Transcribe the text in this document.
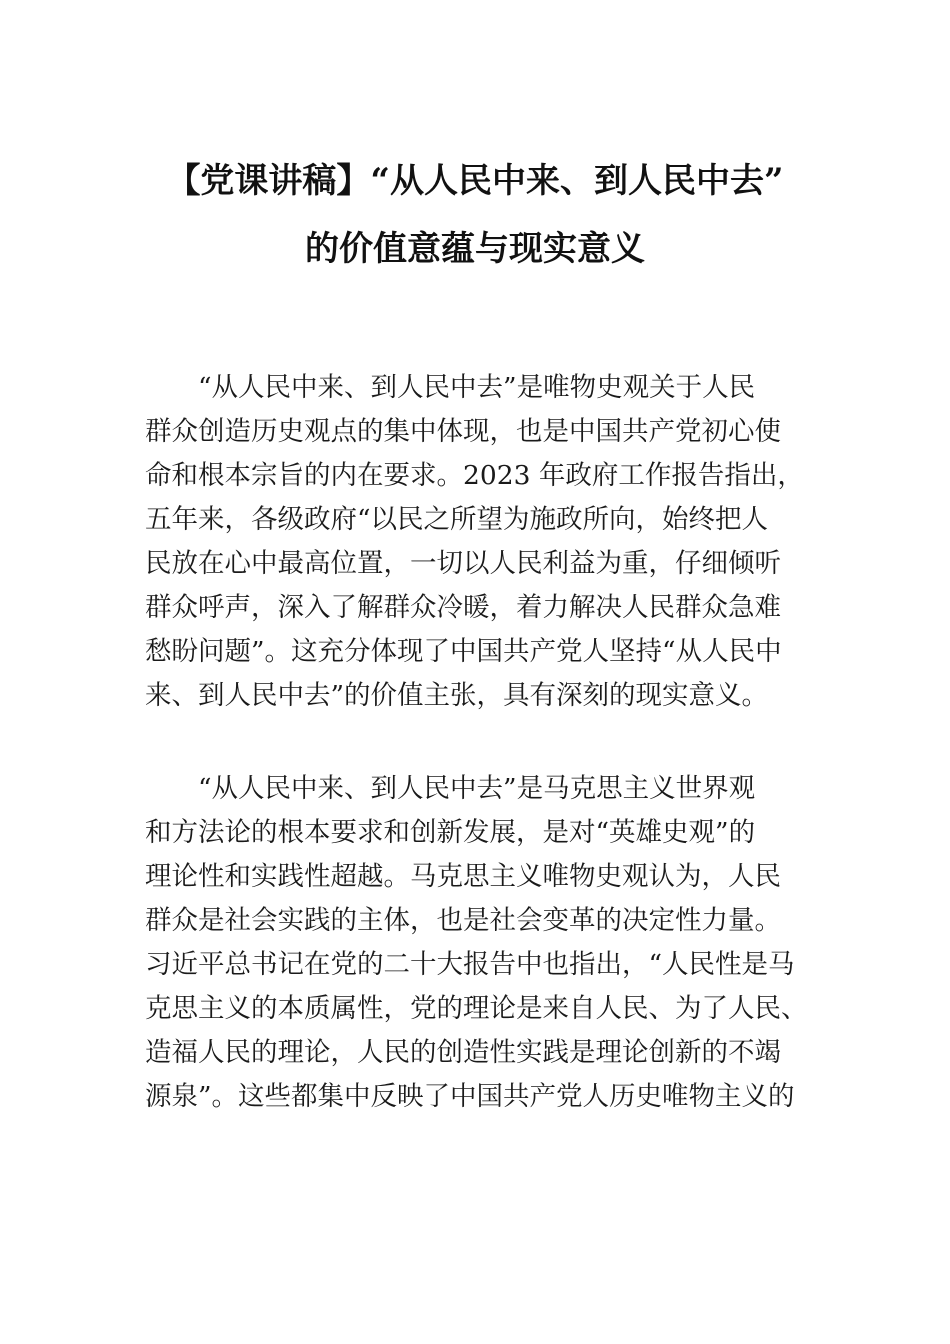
【党课讲稿】“从人民中来、到人民中去”
的价值意蕴与现实意义

“从人民中来、到人民中去”是唯物史观关于人民

群众创造历史观点的集中体现，也是中国共产党初心使

命和根本宗旨的内在要求。2023 年政府工作报告指出，

五年来，各级政府“以民之所望为施政所向，始终把人

民放在心中最高位置，一切以人民利益为重，仔细倾听

群众呼声，深入了解群众冷暖，着力解决人民群众急难

愁盼问题”。这充分体现了中国共产党人坚持“从人民中

来、到人民中去”的价值主张，具有深刻的现实意义。

“从人民中来、到人民中去”是马克思主义世界观

和方法论的根本要求和创新发展，是对“英雄史观”的

理论性和实践性超越。马克思主义唯物史观认为，人民

群众是社会实践的主体，也是社会变革的决定性力量。

习近平总书记在党的二十大报告中也指出，“人民性是马

克思主义的本质属性，党的理论是来自人民、为了人民、

造福人民的理论，人民的创造性实践是理论创新的不竭

源泉”。这些都集中反映了中国共产党人历史唯物主义的
